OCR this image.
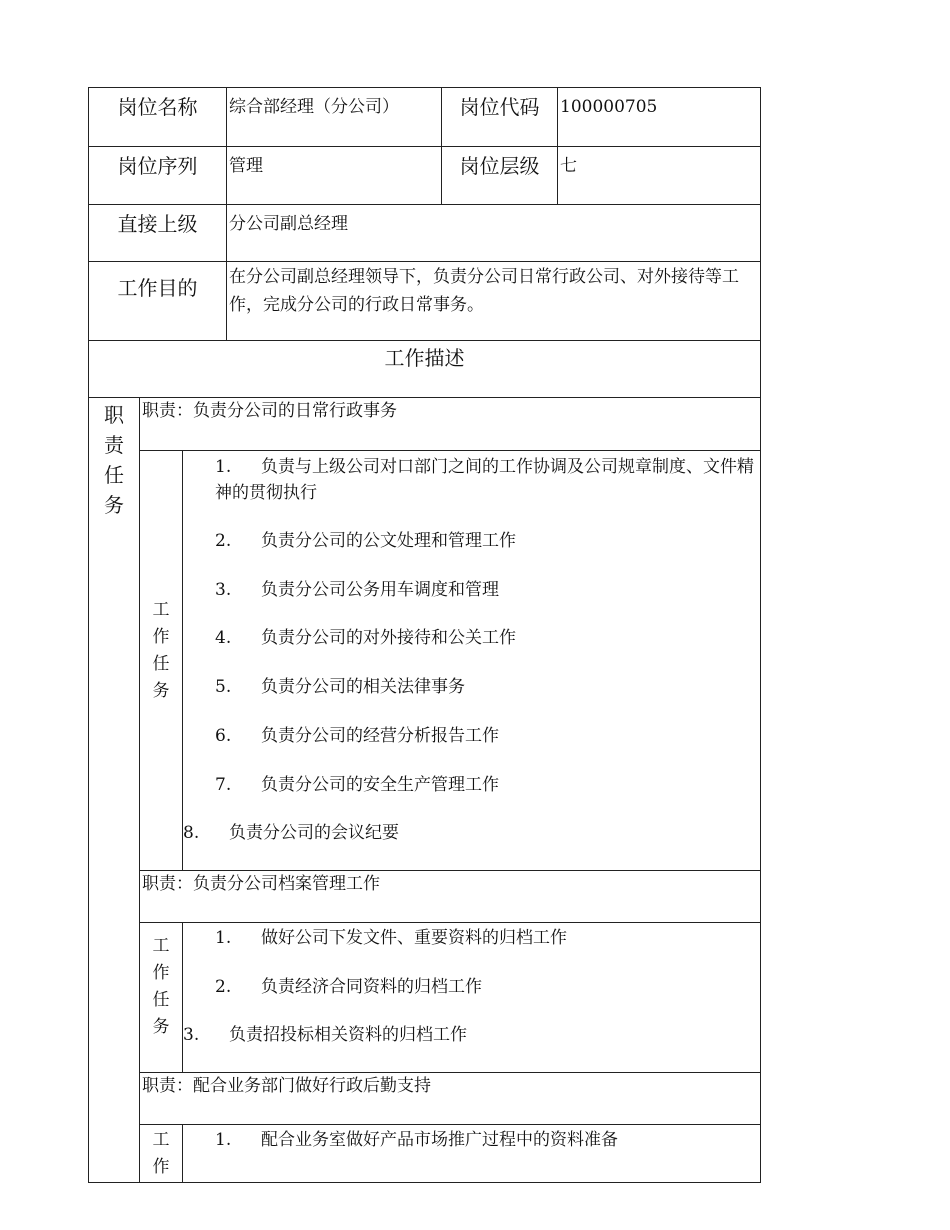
岗位名称	综合部经理（分公司）	岗位代码	100000705
岗位序列	管理	岗位层级	七
直接上级	分公司副总经理
工作目的	在分公司副总经理领导下，负责分公司日常行政公司、对外接待等工作，完成分公司的行政日常事务。
工作描述
职
责
任
务
职责：负责分公司的日常行政事务
工
作
任
务
1. 负责与上级公司对口部门之间的工作协调及公司规章制度、文件精神的贯彻执行
2. 负责分公司的公文处理和管理工作
3. 负责分公司公务用车调度和管理
4. 负责分公司的对外接待和公关工作
5. 负责分公司的相关法律事务
6. 负责分公司的经营分析报告工作
7. 负责分公司的安全生产管理工作
8. 负责分公司的会议纪要
职责：负责分公司档案管理工作
工
作
任
务
1. 做好公司下发文件、重要资料的归档工作
2. 负责经济合同资料的归档工作
3. 负责招投标相关资料的归档工作
职责：配合业务部门做好行政后勤支持
工
作
1. 配合业务室做好产品市场推广过程中的资料准备
